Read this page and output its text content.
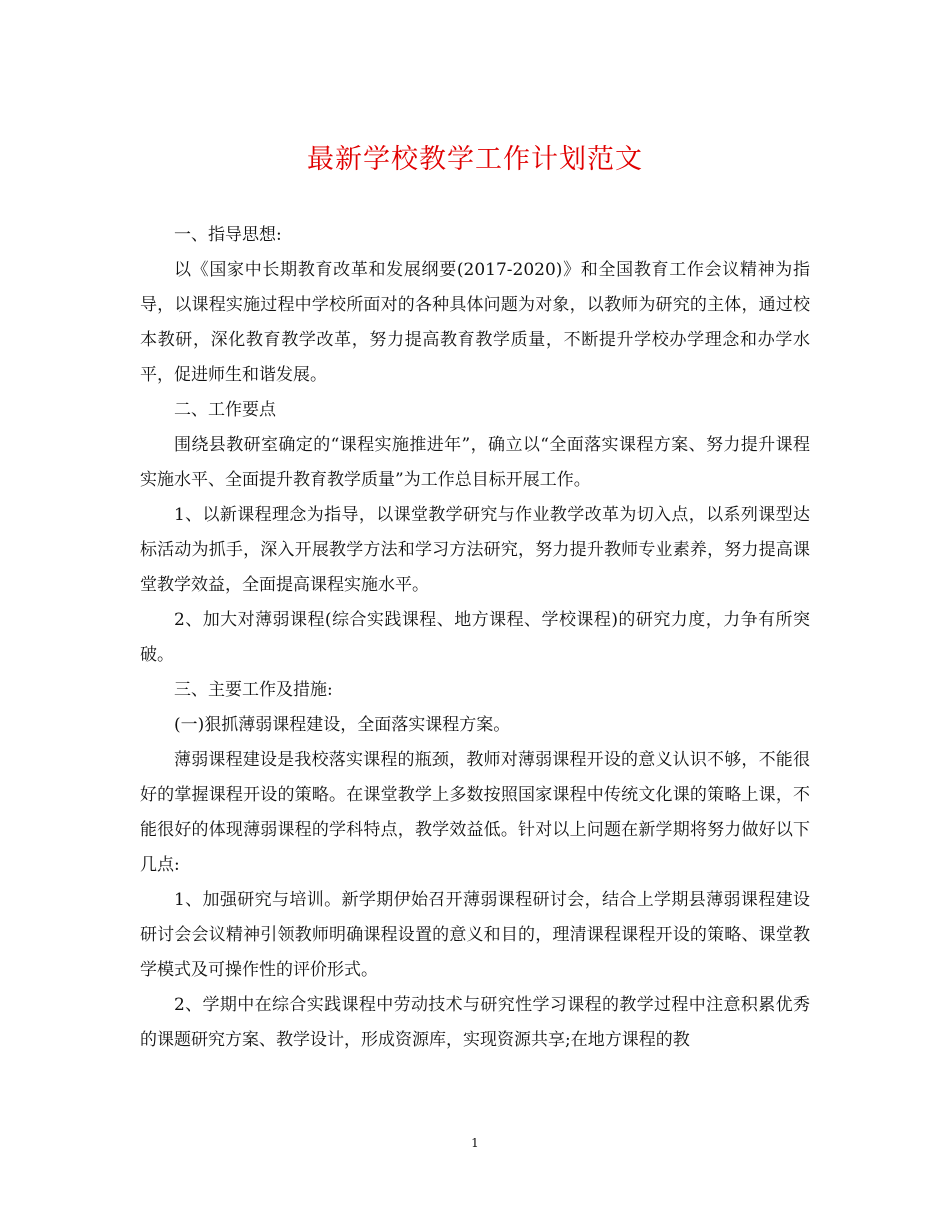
最新学校教学工作计划范文

一、指导思想:

以《国家中长期教育改革和发展纲要(2017-2020)》和全国教育工作会议精神为指导，以课程实施过程中学校所面对的各种具体问题为对象，以教师为研究的主体，通过校本教研，深化教育教学改革，努力提高教育教学质量，不断提升学校办学理念和办学水平，促进师生和谐发展。

二、工作要点

围绕县教研室确定的“课程实施推进年”，确立以“全面落实课程方案、努力提升课程实施水平、全面提升教育教学质量”为工作总目标开展工作。

1、以新课程理念为指导，以课堂教学研究与作业教学改革为切入点，以系列课型达标活动为抓手，深入开展教学方法和学习方法研究，努力提升教师专业素养，努力提高课堂教学效益，全面提高课程实施水平。

2、加大对薄弱课程(综合实践课程、地方课程、学校课程)的研究力度，力争有所突破。

三、主要工作及措施:

(一)狠抓薄弱课程建设，全面落实课程方案。

薄弱课程建设是我校落实课程的瓶颈，教师对薄弱课程开设的意义认识不够，不能很好的掌握课程开设的策略。在课堂教学上多数按照国家课程中传统文化课的策略上课，不能很好的体现薄弱课程的学科特点，教学效益低。针对以上问题在新学期将努力做好以下几点:

1、加强研究与培训。新学期伊始召开薄弱课程研讨会，结合上学期县薄弱课程建设研讨会会议精神引领教师明确课程设置的意义和目的，理清课程课程开设的策略、课堂教学模式及可操作性的评价形式。

2、学期中在综合实践课程中劳动技术与研究性学习课程的教学过程中注意积累优秀的课题研究方案、教学设计，形成资源库，实现资源共享;在地方课程的教

1
